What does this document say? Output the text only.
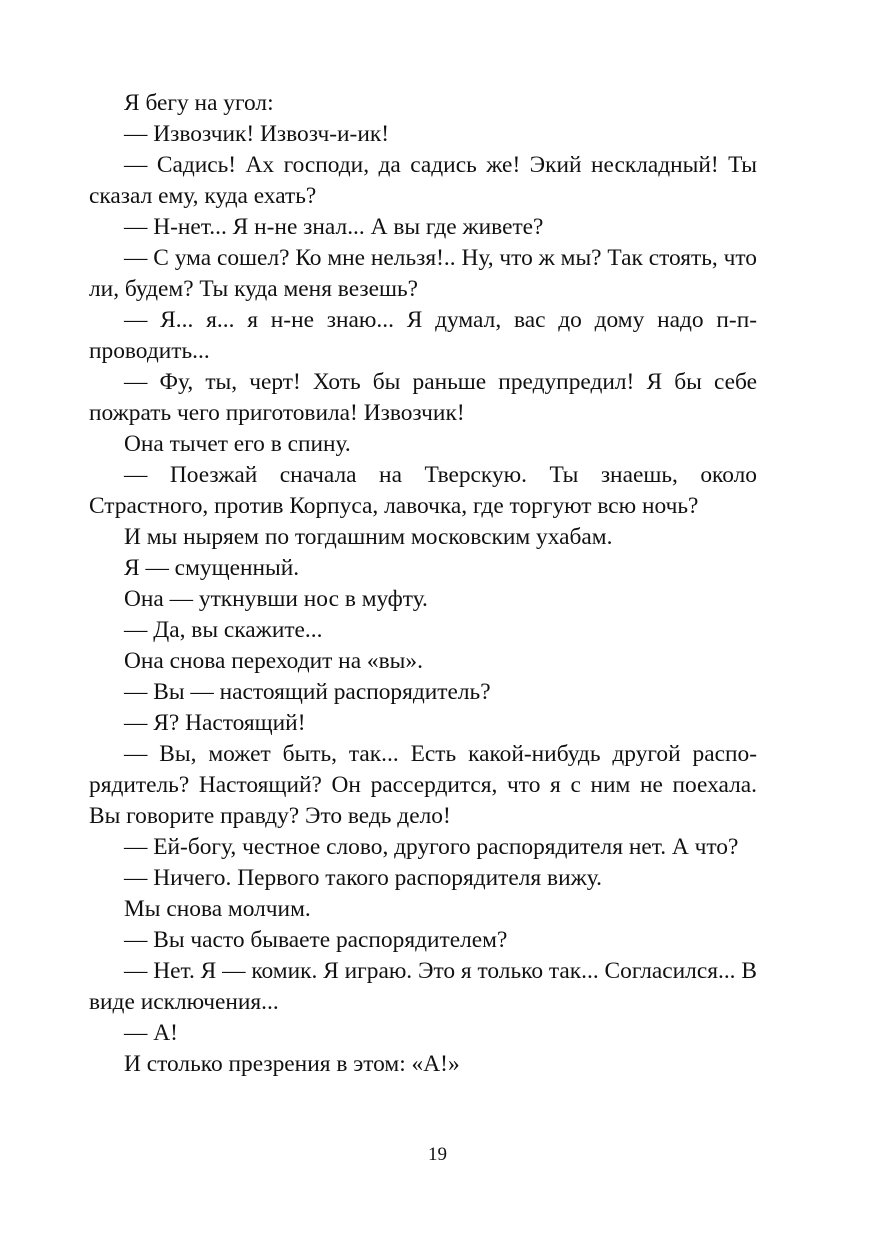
Я бегу на угол:

— Извозчик! Извозч-и-ик!

— Садись! Ах господи, да садись же! Экий нескладный! Ты сказал ему, куда ехать?

— Н-нет... Я н-не знал... А вы где живете?

— С ума сошел? Ко мне нельзя!.. Ну, что ж мы? Так стоять, что ли, будем? Ты куда меня везешь?

— Я... я... я н-не знаю... Я думал, вас до дому надо п-п-проводить...

— Фу, ты, черт! Хоть бы раньше предупредил! Я бы себе пожрать чего приготовила! Извозчик!

Она тычет его в спину.

— Поезжай сначала на Тверскую. Ты знаешь, около Страстного, против Корпуса, лавочка, где торгуют всю ночь?

И мы ныряем по тогдашним московским ухабам.

Я — смущенный.

Она — уткнувши нос в муфту.

— Да, вы скажите...

Она снова переходит на «вы».

— Вы — настоящий распорядитель?

— Я? Настоящий!

— Вы, может быть, так... Есть какой-нибудь другой распорядитель? Настоящий? Он рассердится, что я с ним не поехала. Вы говорите правду? Это ведь дело!

— Ей-богу, честное слово, другого распорядителя нет. А что?

— Ничего. Первого такого распорядителя вижу.

Мы снова молчим.

— Вы часто бываете распорядителем?

— Нет. Я — комик. Я играю. Это я только так... Согласился... В виде исключения...

— А!

И столько презрения в этом: «А!»

19
